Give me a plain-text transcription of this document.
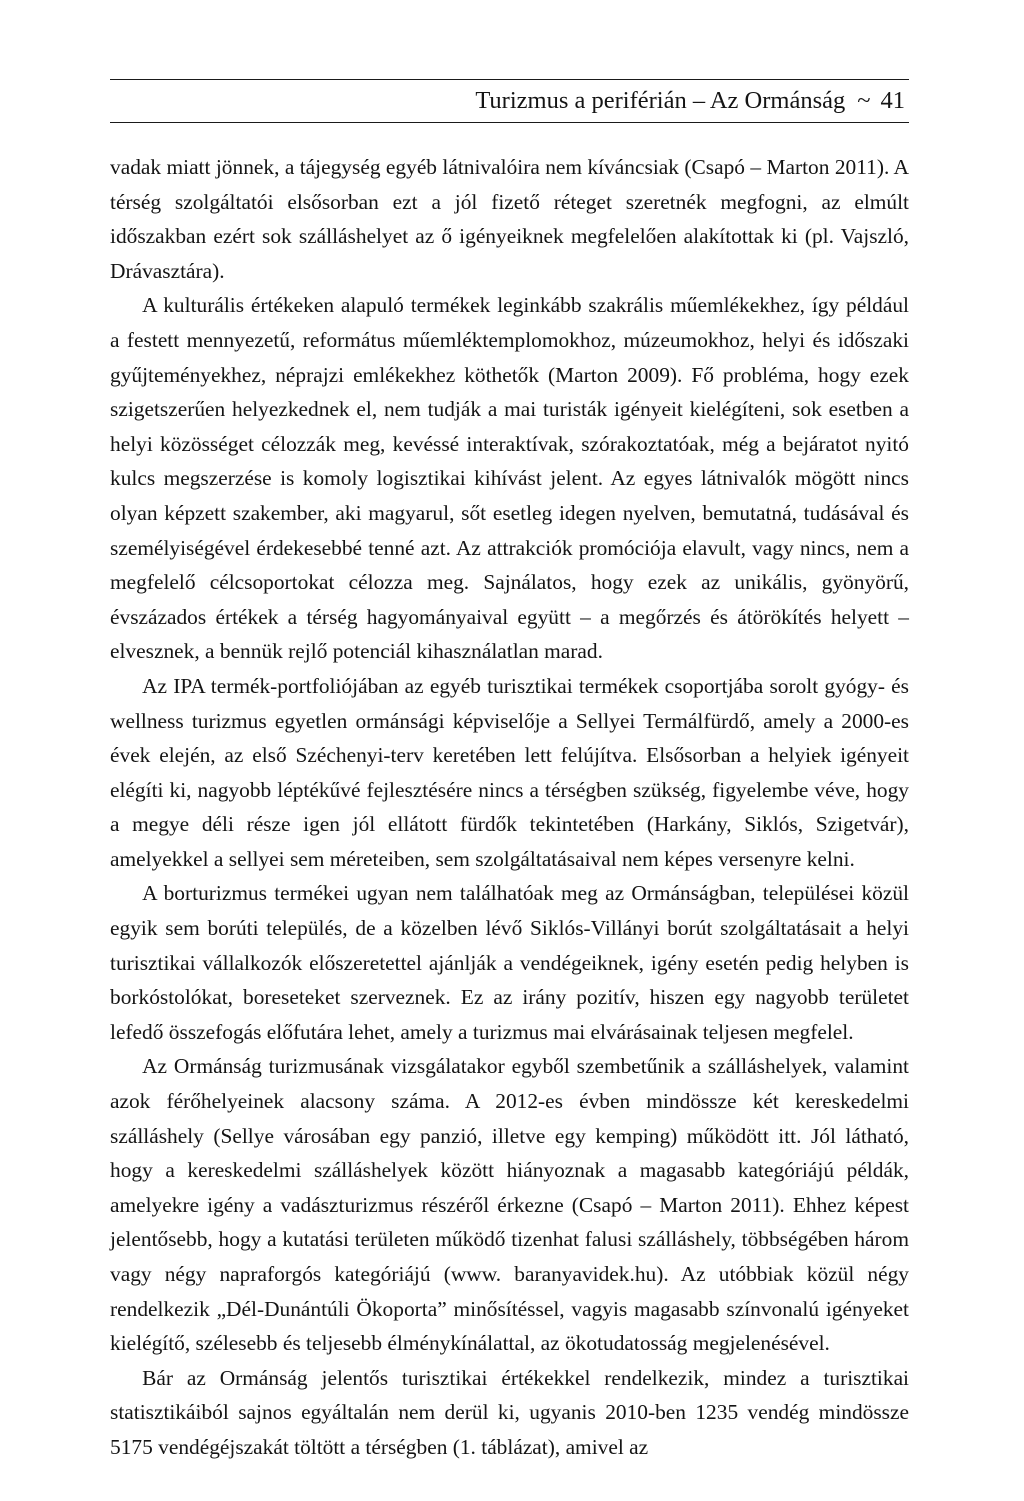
Turizmus a periférián – Az Ormánság ~ 41

vadak miatt jönnek, a tájegység egyéb látnivalóira nem kíváncsiak (Csapó – Marton 2011). A térség szolgáltatói elsősorban ezt a jól fizető réteget szeretnék megfogni, az elmúlt időszakban ezért sok szálláshelyet az ő igényeiknek megfelelően alakítottak ki (pl. Vajszló, Drávasztára).

A kulturális értékeken alapuló termékek leginkább szakrális műemlékekhez, így például a festett mennyezetű, református műemléktemplomokhoz, múzeumokhoz, helyi és időszaki gyűjteményekhez, néprajzi emlékekhez köthetők (Marton 2009). Fő probléma, hogy ezek szigetszerűen helyezkednek el, nem tudják a mai turisták igényeit kielégíteni, sok esetben a helyi közösséget célozzák meg, kevéssé interaktívak, szórakoztatóak, még a bejáratot nyitó kulcs megszerzése is komoly logisztikai kihívást jelent. Az egyes látnivalók mögött nincs olyan képzett szakember, aki magyarul, sőt esetleg idegen nyelven, bemutatná, tudásával és személyiségével érdekesebbé tenné azt. Az attrakciók promóciója elavult, vagy nincs, nem a megfelelő célcsoportokat célozza meg. Sajnálatos, hogy ezek az unikális, gyönyörű, évszázados értékek a térség hagyományaival együtt – a megőrzés és átörökítés helyett – elvesznek, a bennük rejlő potenciál kihasználatlan marad.

Az IPA termék-portfoliójában az egyéb turisztikai termékek csoportjába sorolt gyógy- és wellness turizmus egyetlen ormánsági képviselője a Sellyei Termálfürdő, amely a 2000-es évek elején, az első Széchenyi-terv keretében lett felújítva. Elsősorban a helyiek igényeit elégíti ki, nagyobb léptékűvé fejlesztésére nincs a térségben szükség, figyelembe véve, hogy a megye déli része igen jól ellátott fürdők tekintetében (Harkány, Siklós, Szigetvár), amelyekkel a sellyei sem méreteiben, sem szolgáltatásaival nem képes versenyre kelni.

A borturizmus termékei ugyan nem találhatóak meg az Ormánságban, települései közül egyik sem borúti település, de a közelben lévő Siklós-Villányi borút szolgáltatásait a helyi turisztikai vállalkozók előszeretettel ajánlják a vendégeiknek, igény esetén pedig helyben is borkóstolókat, boreseteket szerveznek. Ez az irány pozitív, hiszen egy nagyobb területet lefedő összefogás előfutára lehet, amely a turizmus mai elvárásainak teljesen megfelel.

Az Ormánság turizmusának vizsgálatakor egyből szembetűnik a szálláshelyek, valamint azok férőhelyeinek alacsony száma. A 2012-es évben mindössze két kereskedelmi szálláshely (Sellye városában egy panzió, illetve egy kemping) működött itt. Jól látható, hogy a kereskedelmi szálláshelyek között hiányoznak a magasabb kategóriájú példák, amelyekre igény a vadászturizmus részéről érkezne (Csapó – Marton 2011). Ehhez képest jelentősebb, hogy a kutatási területen működő tizenhat falusi szálláshely, többségében három vagy négy napraforgós kategóriájú (www. baranyavidek.hu). Az utóbbiak közül négy rendelkezik „Dél-Dunántúli Ökoporta” minősítéssel, vagyis magasabb színvonalú igényeket kielégítő, szélesebb és teljesebb élménykínálattal, az ökotudatosság megjelenésével.

Bár az Ormánság jelentős turisztikai értékekkel rendelkezik, mindez a turisztikai statisztikáiból sajnos egyáltalán nem derül ki, ugyanis 2010-ben 1235 vendég mindössze 5175 vendégéjszakát töltött a térségben (1. táblázat), amivel az
